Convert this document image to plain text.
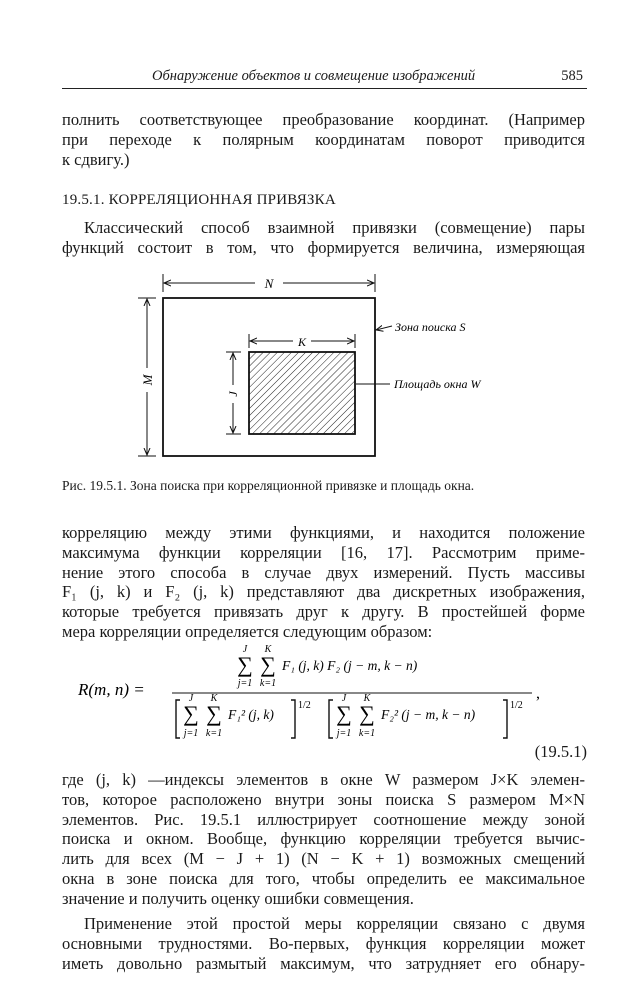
Обнаружение объектов и совмещение изображений	585
полнить соответствующее преобразование координат. (Например
при переходе к полярным координатам поворот приводится
к сдвигу.)
19.5.1. КОРРЕЛЯЦИОННАЯ ПРИВЯЗКА
Классический способ взаимной привязки (совмещение) пары
функций состоит в том, что формируется величина, измеряющая
N
M
K
J
Зона поиска S
Площадь окна W
R(m, n) =
J
∑
j=1
K
∑
k=1
F₁ (j, k) F₂ (j − m, k − n)
J
∑
j=1
K
∑
k=1
F₁² (j, k)
1/2
J
∑
j=1
K
∑
k=1
F₂² (j − m, k − n)
1/2
,
Рис. 19.5.1. Зона поиска при корреляционной привязке и площадь окна.
корреляцию между этими функциями, и находится положение
максимума функции корреляции [16, 17]. Рассмотрим приме-
нение этого способа в случае двух измерений. Пусть массивы
F₁ (j, k) и F₂ (j, k) представляют два дискретных изображения,
которые требуется привязать друг к другу. В простейшей форме
мера корреляции определяется следующим образом:
(19.5.1)
где (j, k) —индексы элементов в окне W размером J×K элемен-
тов, которое расположено внутри зоны поиска S размером M×N
элементов. Рис. 19.5.1 иллюстрирует соотношение между зоной
поиска и окном. Вообще, функцию корреляции требуется вычис-
лить для всех (M − J + 1) (N − K + 1) возможных смещений
окна в зоне поиска для того, чтобы определить ее максимальное
значение и получить оценку ошибки совмещения.
Применение этой простой меры корреляции связано с двумя
основными трудностями. Во-первых, функция корреляции может
иметь довольно размытый максимум, что затрудняет его обнару-
